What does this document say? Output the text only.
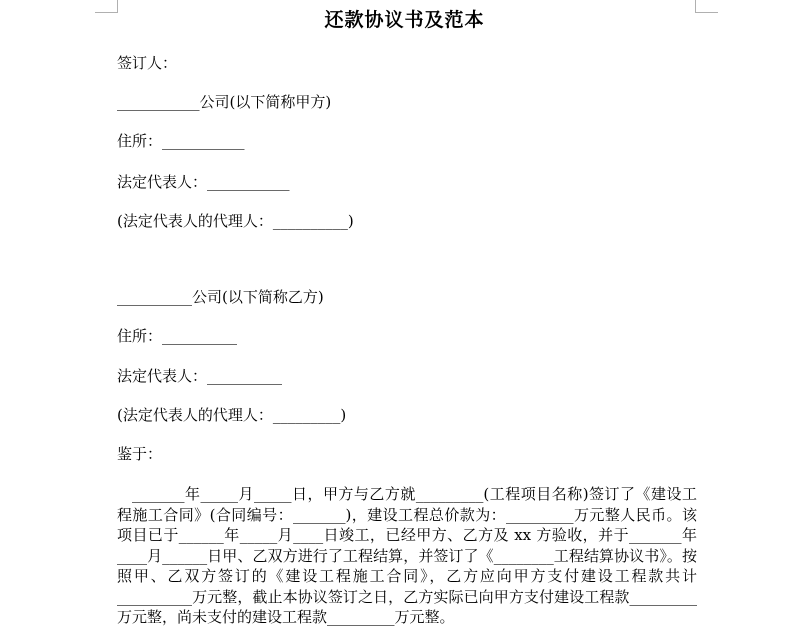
还款协议书及范本
签订人：
___________公司(以下简称甲方)
住所：___________
法定代表人：___________
(法定代表人的代理人：__________)
__________公司(以下简称乙方)
住所：__________
法定代表人：__________
(法定代表人的代理人：_________)
鉴于：
_______年_____月_____日，甲方与乙方就_________(工程项目名称)签订了《建设工程施工合同》(合同编号：_______)，建设工程总价款为：_________万元整人民币。该项目已于______年_____月____日竣工，已经甲方、乙方及 xx 方验收，并于_______年____月______日甲、乙双方进行了工程结算，并签订了《________工程结算协议书》。按照甲、乙双方签订的《建设工程施工合同》，乙方应向甲方支付建设工程款共计__________万元整，截止本协议签订之日，乙方实际已向甲方支付建设工程款_________万元整，尚未支付的建设工程款_________万元整。
